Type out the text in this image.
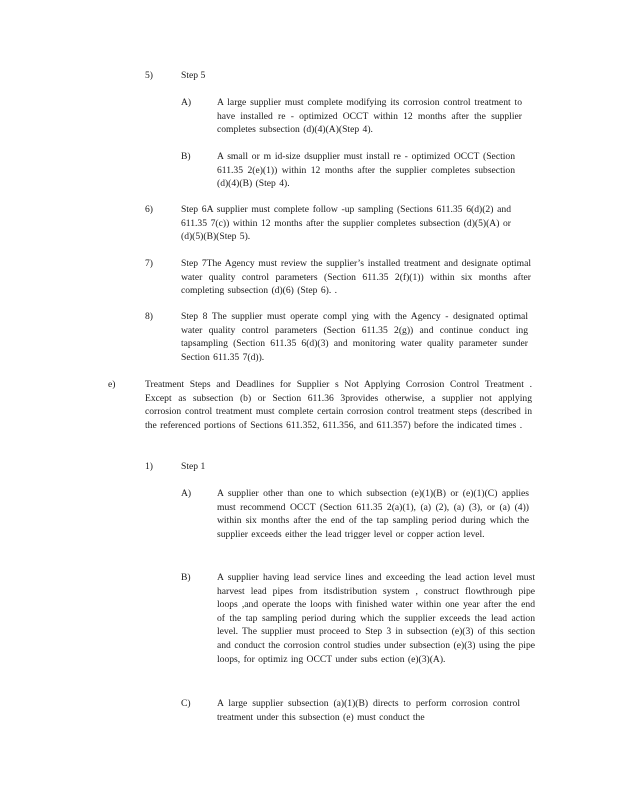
5)	Step 5
A)	A large supplier must complete modifying its corrosion control treatment to have installed re - optimized OCCT within 12 months after the supplier completes subsection (d)(4)(A)(Step 4).
B)	A small or m id-size dsupplier must install re - optimized OCCT (Section 611.35 2(e)(1)) within 12 months after the supplier completes subsection (d)(4)(B) (Step 4).
6)	Step 6A supplier must complete follow -up sampling (Sections 611.35 6(d)(2) and 611.35 7(c)) within 12 months after the supplier completes subsection (d)(5)(A) or (d)(5)(B)(Step 5).
7)	Step 7The Agency must review the supplier’s installed treatment and designate optimal water quality control parameters (Section 611.35 2(f)(1)) within six months after completing subsection (d)(6) (Step 6). .
8)	Step 8 The supplier must operate compl ying with the Agency - designated optimal water quality control parameters (Section 611.35 2(g)) and continue conduct ing tapsampling (Section 611.35 6(d)(3) and monitoring water quality parameter sunder Section 611.35 7(d)).
e)	Treatment Steps and Deadlines for Supplier s Not Applying Corrosion Control Treatment . Except as subsection (b) or Section 611.36 3provides otherwise, a supplier not applying corrosion control treatment must complete certain corrosion control treatment steps (described in the referenced portions of Sections 611.352, 611.356, and 611.357) before the indicated times .
1)	Step 1
A)	A supplier other than one to which subsection (e)(1)(B) or (e)(1)(C) applies must recommend OCCT (Section 611.35 2(a)(1), (a) (2), (a) (3), or (a) (4)) within six months after the end of the tap sampling period during which the supplier exceeds either the lead trigger level or copper action level.
B)	A supplier having lead service lines and exceeding the lead action level must harvest lead pipes from itsdistribution system , construct flowthrough pipe loops ,and operate the loops with finished water within one year after the end of the tap sampling period during which the supplier exceeds the lead action level. The supplier must proceed to Step 3 in subsection (e)(3) of this section and conduct the corrosion control studies under subsection (e)(3) using the pipe loops, for optimiz ing OCCT under subs ection (e)(3)(A).
C)	A large supplier subsection (a)(1)(B) directs to perform corrosion control treatment under this subsection (e) must conduct the
